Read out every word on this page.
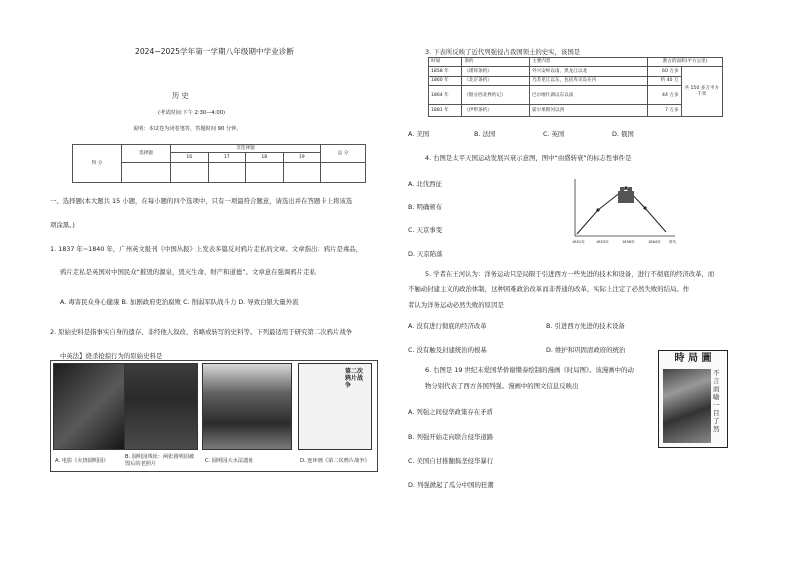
2024~2025学年第一学期八年级期中学业诊断
历 史
(考试时间:下午 2:30—4:00)
说明：本试卷为闭卷笔答，答题时间 90 分钟。
得 分	选择题	非选择题				总 分
		16	17	18	19	

一、选择题(本大题共 15 小题，在每小题的四个选项中，只有一项最符合题意，请选出并在答题卡上将该选
项涂黑。)
1. 1837 年~1840 年，广州英文报刊《中国丛报》上发表多篇反对鸦片走私的文章。文章指出：鸦片是毒品，
鸦片走私是英国对中国民众“摧毁的源泉，毁灭生命、财产和道德”。文章意在强调鸦片走私
A. 毒害民众身心健康 B. 加剧政府吏治腐败 C. 削弱军队战斗力 D. 导致白银大量外流
2. 原始史料是指事实自身的遗存、非经他人叙改、省略或转写的史料等。下列最适用于研究第二次鸦片战争
中英法】烧杀抢掠行为的原始史料是
第二次鸦片战争
A. 电影《火烧圆明园》
B. 圆明园残址：两张圆明园被毁后的老照片	C. 圆明园大水法遗址	D. 连环画《第二次鸦片战争》
3. 下表所反映了近代列强侵占我国领土的史实，该国是
时间	条约	主要内容	割占的面积(平方公里)	
1858 年	《瑷珲条约》	外兴安岭以南，黑龙江以北	60 万多	共 150 多万平方千米
1860 年	《北京条约》	乌苏里江以东，包括库页岛在内	约 40 万	
1864 年	《勘分西北界约记》	巴尔喀什湖以东以南	44 万多	
1881 年	《伊犁条约》	霍尔果斯河以西	7 万多	
A. 美国	B. 法国	C. 英国	D. 俄国
4. 右图是太平天国运动发展兴衰示意图，图中“由盛转衰”的标志性事件是
A. 北伐西征
B. 明确颁布
C. 天京事变
D. 天京陷落
1851年	1853年	1856年	1864年 时代
5. 学者在王河认为：洋务运动只是局限于引进西方一些先进的技术和设备，进行不彻底的经济改革，而
不触动封建主义的政治体制，这种困难政治改革而非普通的改革，实际上注定了必然失败的结局。作
者认为洋务运动必然失败的原因是
A. 没有进行彻底的经济改革	B. 引进西方先进的技术设备
C. 没有触及封建统治的根基	D. 维护和巩固清政府的统治
6. 右图是 19 世纪末爱国华侨谢缵泰绘制的漫画《时局图》。该漫画中的动
物分别代表了西方各国列强。漫画中的图文信息反映出
A. 列强之间侵华政策存在矛盾
B. 列强开始走向联合侵华道路
C. 美国自甘推翻捣垄侵华暴行
D. 列强掀起了瓜分中国的狂潮
時 局 圖
不言而喻 一目了然
